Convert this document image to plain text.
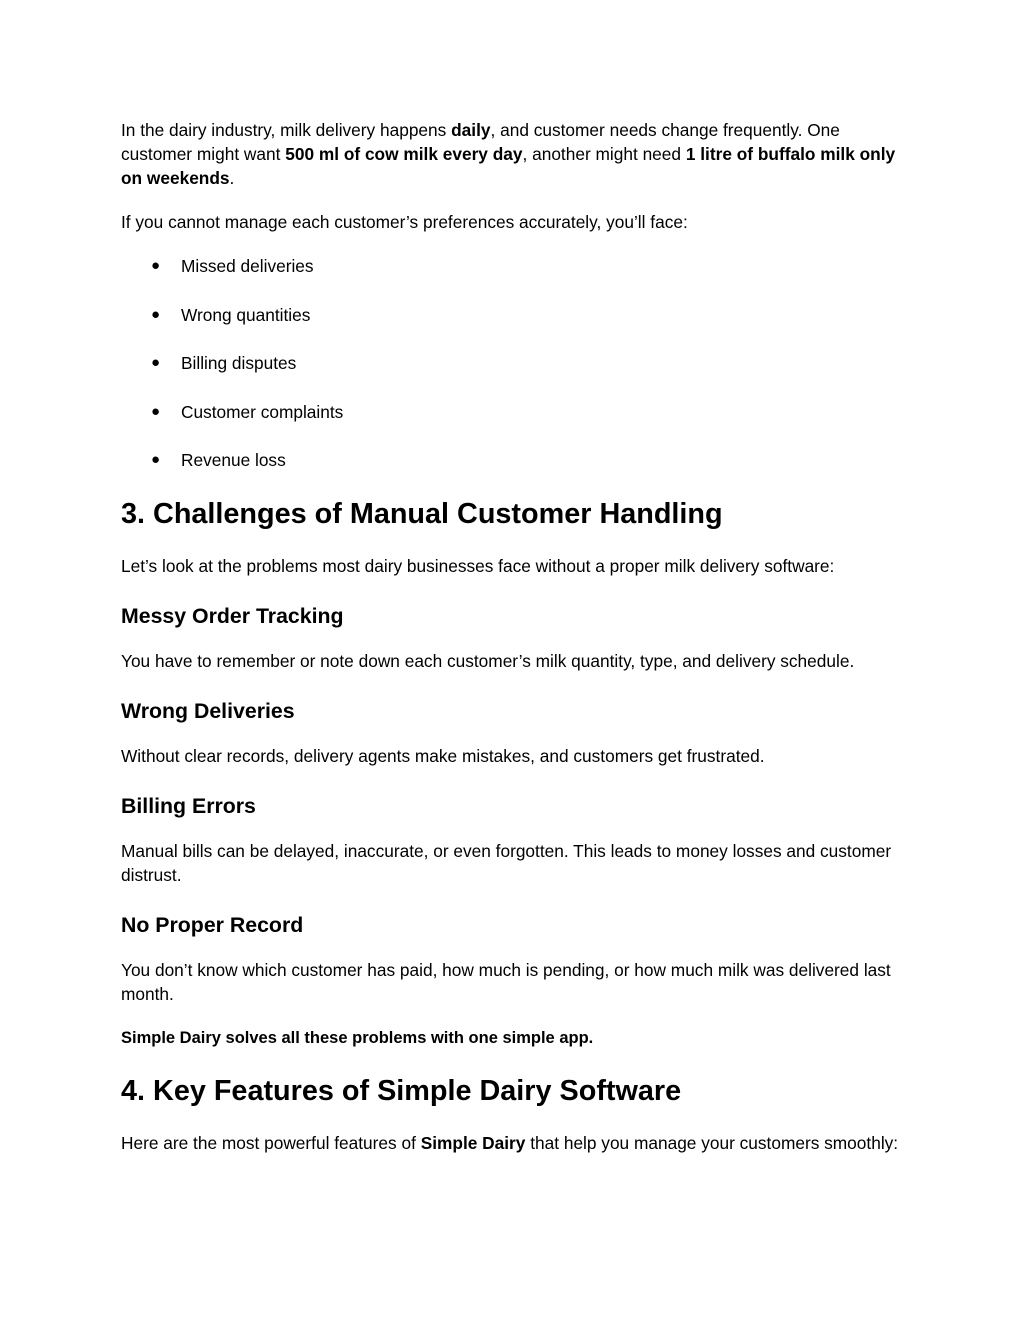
In the dairy industry, milk delivery happens daily, and customer needs change frequently. One customer might want 500 ml of cow milk every day, another might need 1 litre of buffalo milk only on weekends.

If you cannot manage each customer’s preferences accurately, you’ll face:

● Missed deliveries
● Wrong quantities
● Billing disputes
● Customer complaints
● Revenue loss
3. Challenges of Manual Customer Handling

Let’s look at the problems most dairy businesses face without a proper milk delivery software:

Messy Order Tracking

You have to remember or note down each customer’s milk quantity, type, and delivery schedule.

Wrong Deliveries

Without clear records, delivery agents make mistakes, and customers get frustrated.

Billing Errors

Manual bills can be delayed, inaccurate, or even forgotten. This leads to money losses and customer distrust.

No Proper Record

You don’t know which customer has paid, how much is pending, or how much milk was delivered last month.

Simple Dairy solves all these problems with one simple app.

4. Key Features of Simple Dairy Software

Here are the most powerful features of Simple Dairy that help you manage your customers smoothly:
